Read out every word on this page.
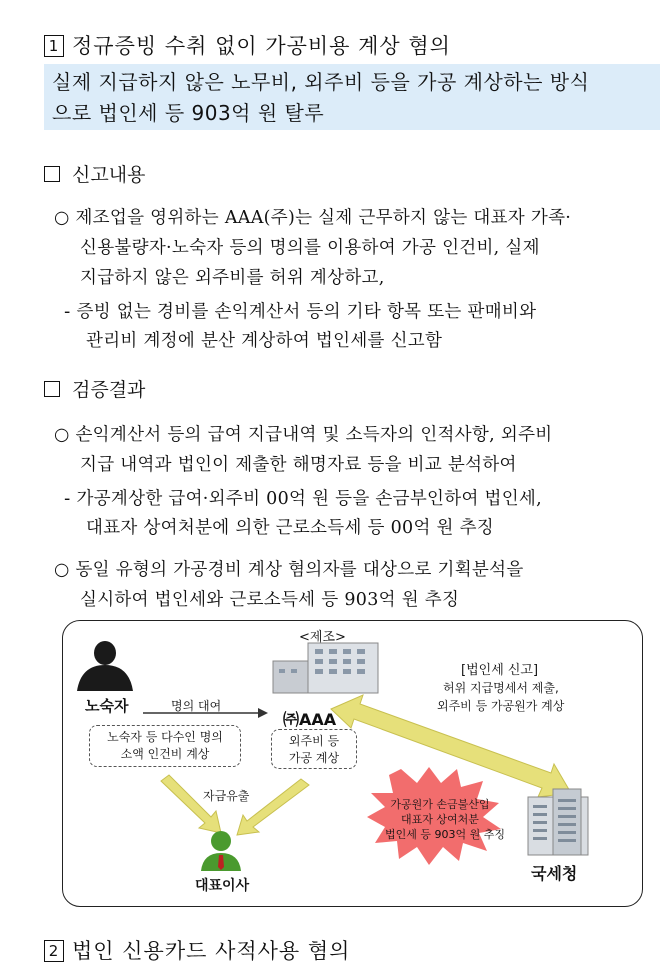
1 정규증빙 수취 없이 가공비용 계상 혐의
실제 지급하지 않은 노무비, 외주비 등을 가공 계상하는 방식
으로 법인세 등 903억 원 탈루
신고내용
○ 제조업을 영위하는 AAA(주)는 실제 근무하지 않는 대표자 가족·
신용불량자·노숙자 등의 명의를 이용하여 가공 인건비, 실제
지급하지 않은 외주비를 허위 계상하고,
- 증빙 없는 경비를 손익계산서 등의 기타 항목 또는 판매비와
관리비 계정에 분산 계상하여 법인세를 신고함
검증결과
○ 손익계산서 등의 급여 지급내역 및 소득자의 인적사항, 외주비
지급 내역과 법인이 제출한 해명자료 등을 비교 분석하여
- 가공계상한 급여·외주비 00억 원 등을 손금부인하여 법인세,
대표자 상여처분에 의한 근로소득세 등 00억 원 추징
○ 동일 유형의 가공경비 계상 혐의자를 대상으로 기획분석을
실시하여 법인세와 근로소득세 등 903억 원 추징
노숙자	명의 대여
노숙자 등 다수인 명의
소액 인건비 계상
<제조>
㈜AAA
외주비 등
가공 계상
[법인세 신고]
허위 지급명세서 제출,
외주비 등 가공원가 계상
자금유출
대표이사
가공원가 손금불산입
대표자 상여처분
법인세 등 903억 원 추징
국세청
2 법인 신용카드 사적사용 혐의
